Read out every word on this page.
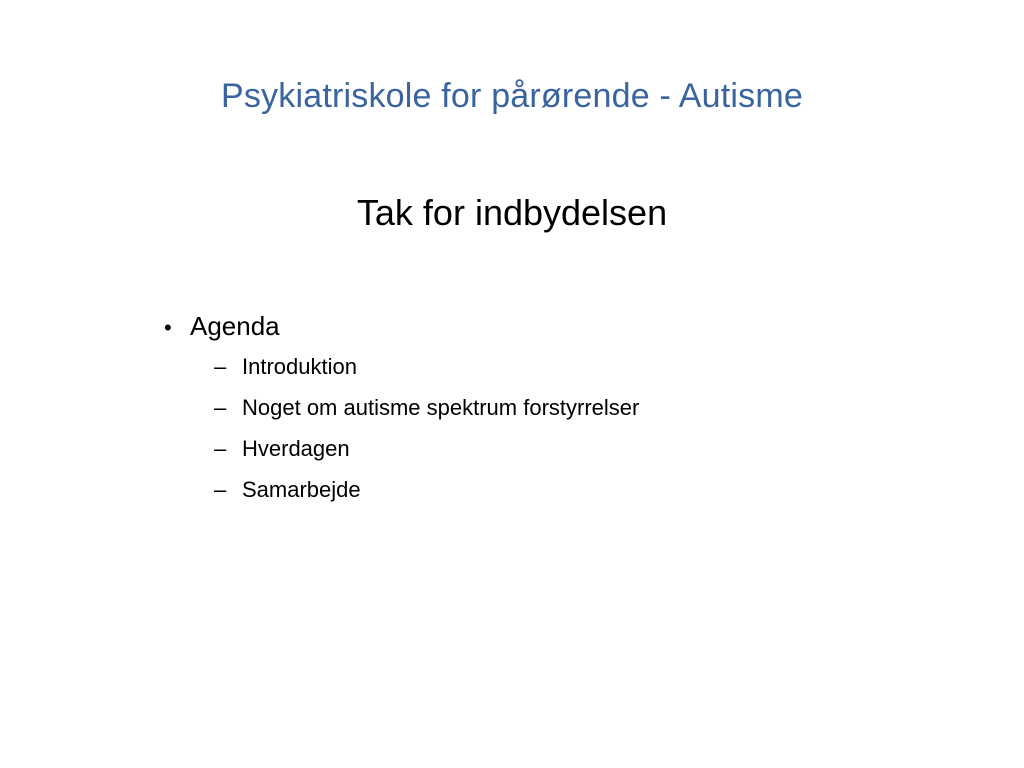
Psykiatriskole for pårørende - Autisme
Tak for indbydelsen
• Agenda
– Introduktion
– Noget om autisme spektrum forstyrrelser
– Hverdagen
– Samarbejde
